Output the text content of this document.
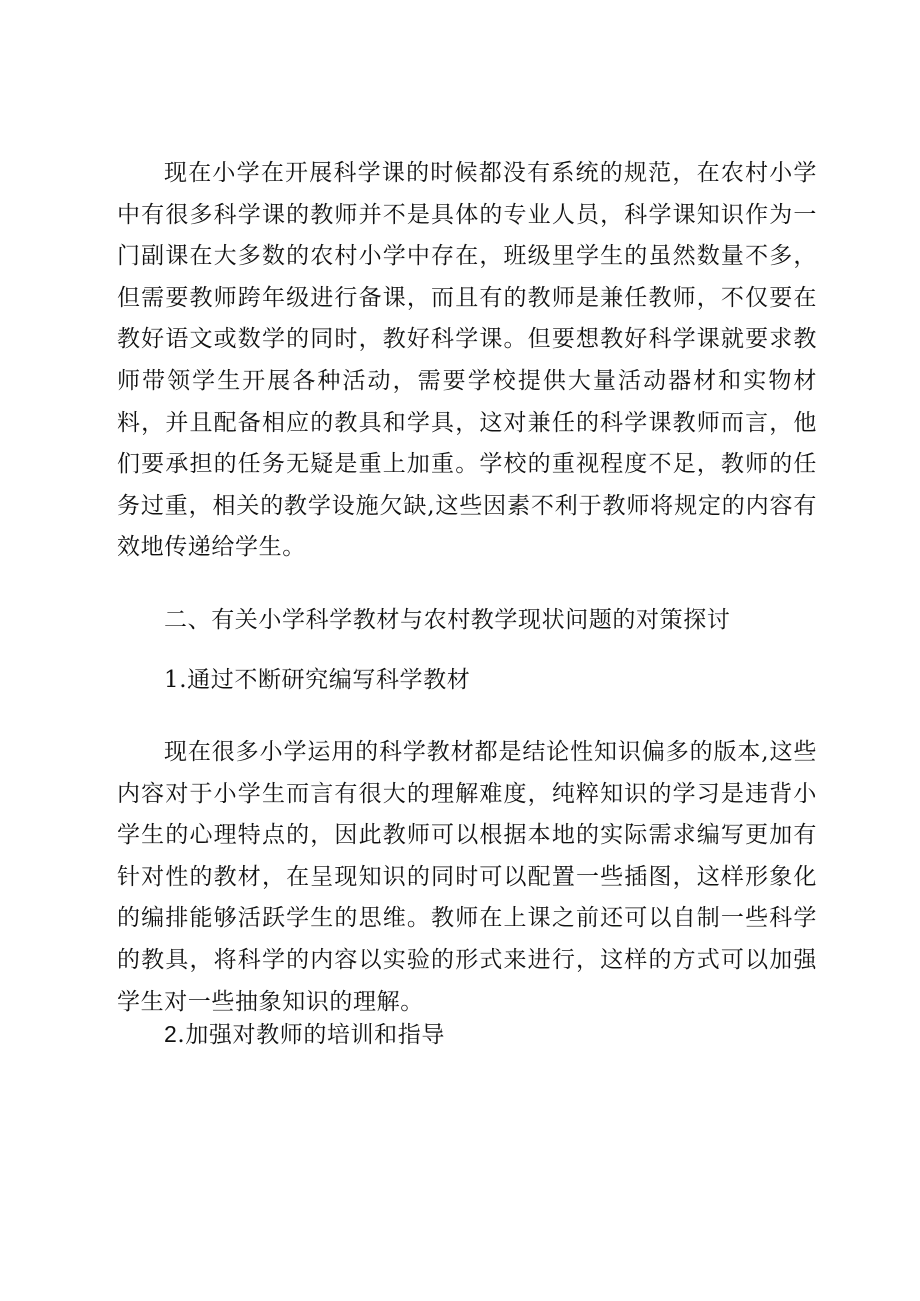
现在小学在开展科学课的时候都没有系统的规范，在农村小学中有很多科学课的教师并不是具体的专业人员，科学课知识作为一门副课在大多数的农村小学中存在，班级里学生的虽然数量不多，但需要教师跨年级进行备课，而且有的教师是兼任教师，不仅要在教好语文或数学的同时，教好科学课。但要想教好科学课就要求教师带领学生开展各种活动，需要学校提供大量活动器材和实物材料，并且配备相应的教具和学具，这对兼任的科学课教师而言，他们要承担的任务无疑是重上加重。学校的重视程度不足，教师的任务过重，相关的教学设施欠缺,这些因素不利于教师将规定的内容有效地传递给学生。

二、有关小学科学教材与农村教学现状问题的对策探讨

1.通过不断研究编写科学教材

现在很多小学运用的科学教材都是结论性知识偏多的版本,这些内容对于小学生而言有很大的理解难度，纯粹知识的学习是违背小学生的心理特点的，因此教师可以根据本地的实际需求编写更加有针对性的教材，在呈现知识的同时可以配置一些插图，这样形象化的编排能够活跃学生的思维。教师在上课之前还可以自制一些科学的教具，将科学的内容以实验的形式来进行，这样的方式可以加强学生对一些抽象知识的理解。

2.加强对教师的培训和指导
